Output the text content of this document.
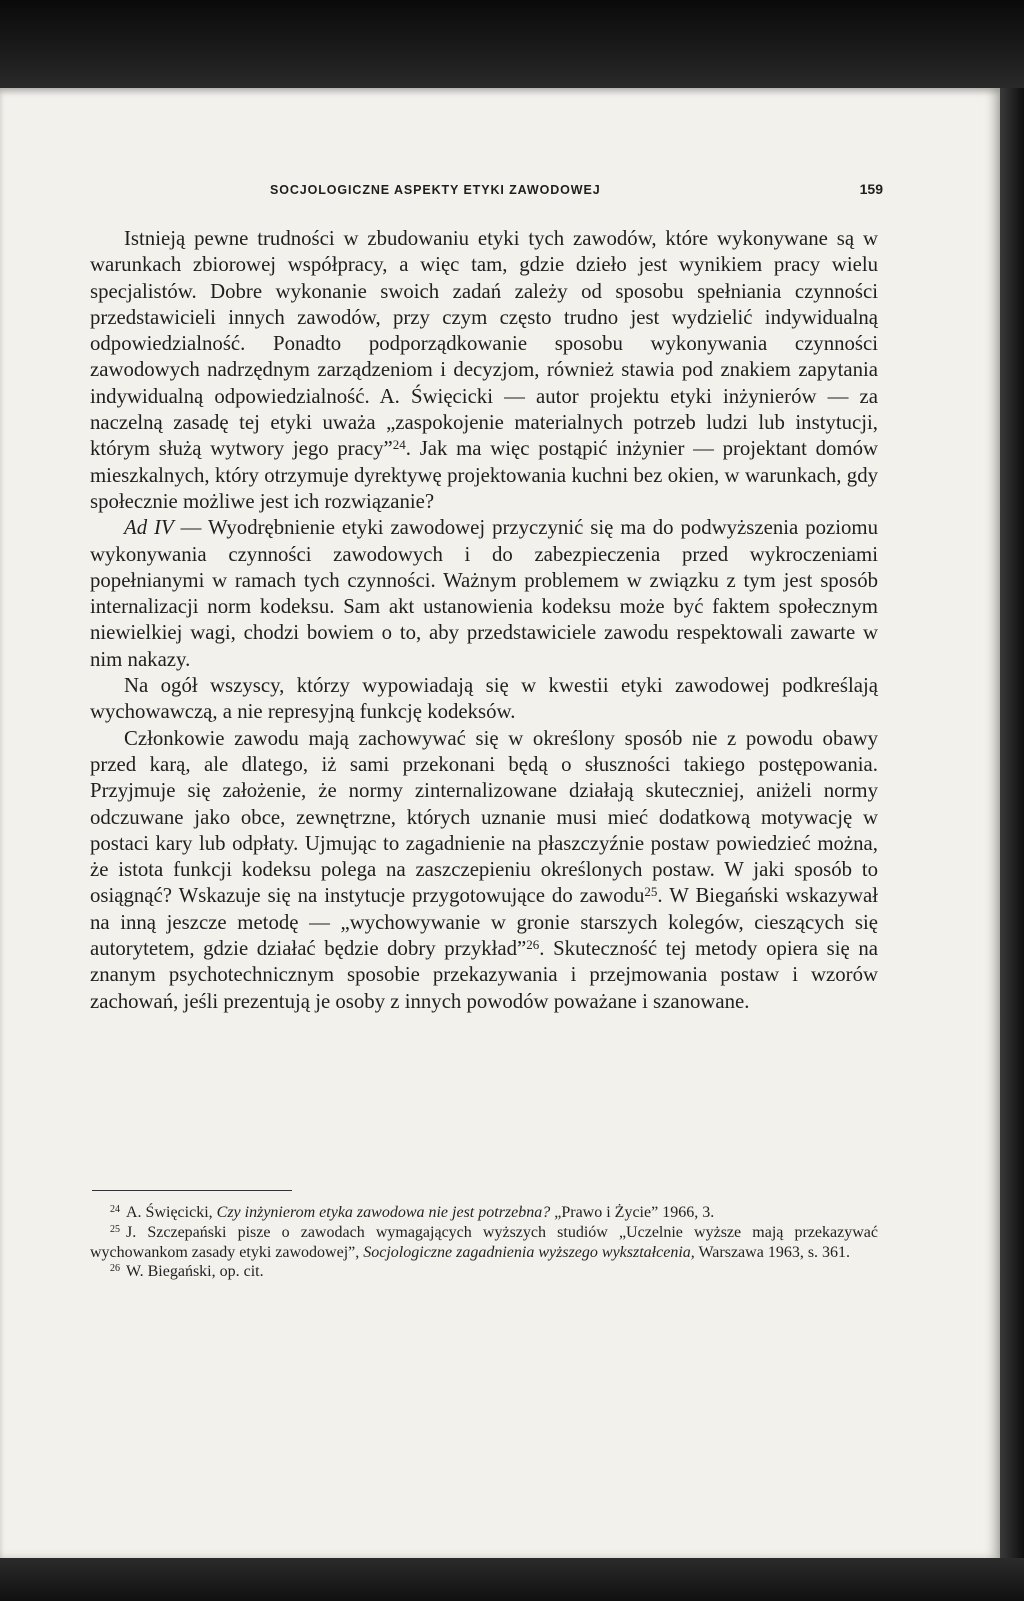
SOCJOLOGICZNE ASPEKTY ETYKI ZAWODOWEJ	159

Istnieją pewne trudności w zbudowaniu etyki tych zawodów, które wykonywane są w warunkach zbiorowej współpracy, a więc tam, gdzie dzieło jest wynikiem pracy wielu specjalistów. Dobre wykonanie swoich zadań zależy od sposobu spełniania czynności przedstawicieli innych zawodów, przy czym często trudno jest wydzielić indywidualną odpowiedzialność. Ponadto podporządkowanie sposobu wykonywania czynności zawodowych nadrzędnym zarządzeniom i decyzjom, również stawia pod znakiem zapytania indywidualną odpowiedzialność. A. Święcicki — autor projektu etyki inżynierów — za naczelną zasadę tej etyki uważa „zaspokojenie materialnych potrzeb ludzi lub instytucji, którym służą wytwory jego pracy”$^{24}$. Jak ma więc postąpić inżynier — projektant domów mieszkalnych, który otrzymuje dyrektywę projektowania kuchni bez okien, w warunkach, gdy społecznie możliwe jest ich rozwiązanie?

Ad IV — Wyodrębnienie etyki zawodowej przyczynić się ma do podwyższenia poziomu wykonywania czynności zawodowych i do zabezpieczenia przed wykroczeniami popełnianymi w ramach tych czynności. Ważnym problemem w związku z tym jest sposób internalizacji norm kodeksu. Sam akt ustanowienia kodeksu może być faktem społecznym niewielkiej wagi, chodzi bowiem o to, aby przedstawiciele zawodu respektowali zawarte w nim nakazy.

Na ogół wszyscy, którzy wypowiadają się w kwestii etyki zawodowej podkreślają wychowawczą, a nie represyjną funkcję kodeksów.

Członkowie zawodu mają zachowywać się w określony sposób nie z powodu obawy przed karą, ale dlatego, iż sami przekonani będą o słuszności takiego postępowania. Przyjmuje się założenie, że normy zinternalizowane działają skuteczniej, aniżeli normy odczuwane jako obce, zewnętrzne, których uznanie musi mieć dodatkową motywację w postaci kary lub odpłaty. Ujmując to zagadnienie na płaszczyźnie postaw powiedzieć można, że istota funkcji kodeksu polega na zaszczepieniu określonych postaw. W jaki sposób to osiągnąć? Wskazuje się na instytucje przygotowujące do zawodu$^{25}$. W Biegański wskazywał na inną jeszcze metodę — „wychowywanie w gronie starszych kolegów, cieszących się autorytetem, gdzie działać będzie dobry przykład”$^{26}$. Skuteczność tej metody opiera się na znanym psychotechnicznym sposobie przekazywania i przejmowania postaw i wzorów zachowań, jeśli prezentują je osoby z innych powodów poważane i szanowane.

$^{24}$ A. Święcicki, Czy inżynierom etyka zawodowa nie jest potrzebna? „Prawo i Życie” 1966, 3.

$^{25}$ J. Szczepański pisze o zawodach wymagających wyższych studiów „Uczelnie wyższe mają przekazywać wychowankom zasady etyki zawodowej”, Socjologiczne zagadnienia wyższego wykształcenia, Warszawa 1963, s. 361.

$^{26}$ W. Biegański, op. cit.
